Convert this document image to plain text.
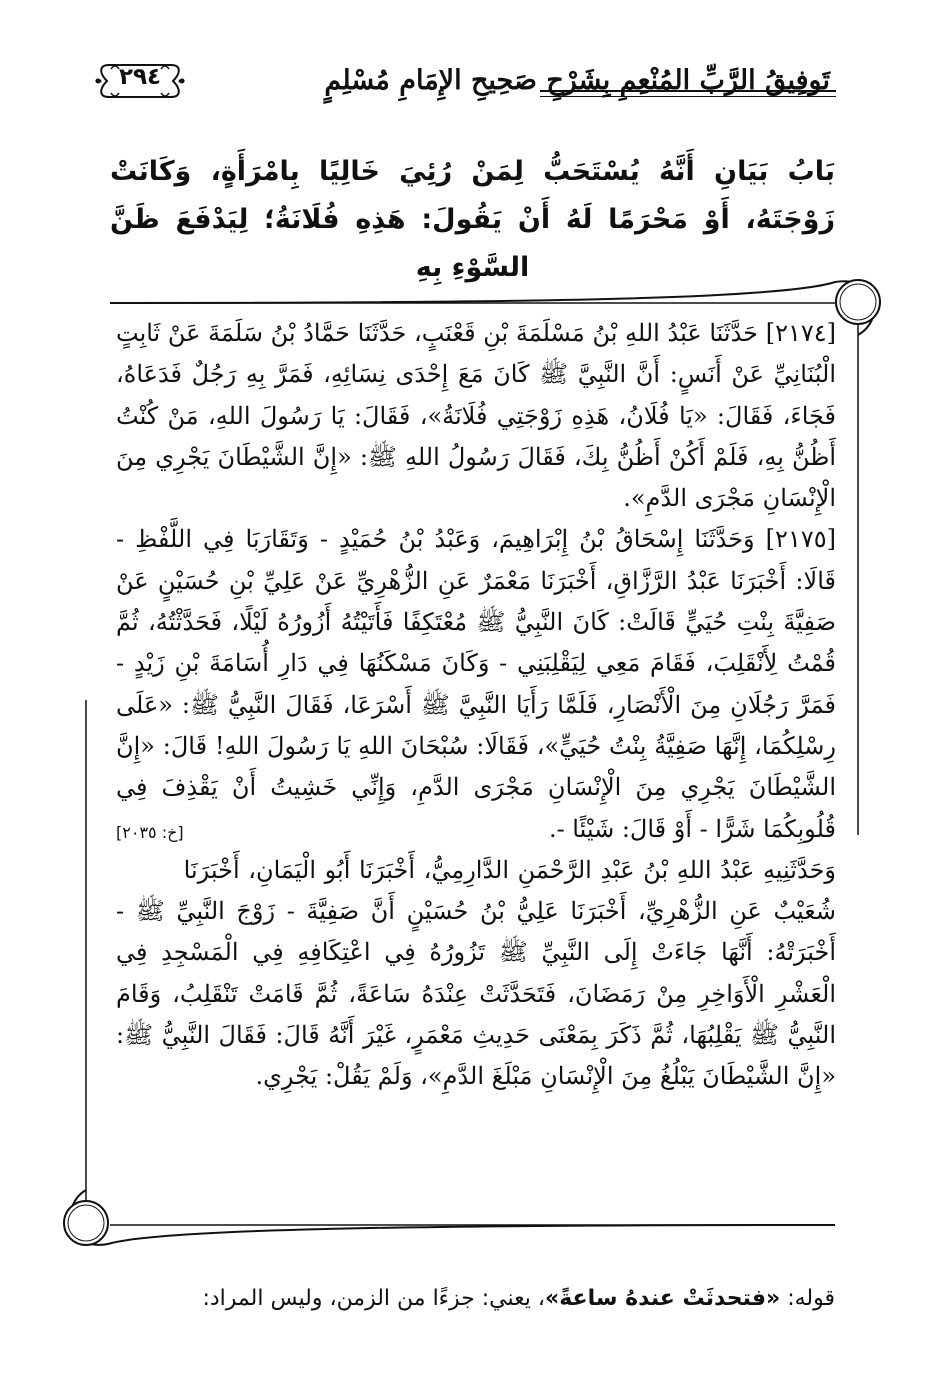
٢٩٤	تَوفِيقُ الرَّبِّ المُنْعِمِ بِشَرْحِ صَحِيحِ الإِمَامِ مُسْلِمٍ
بَابُ بَيَانِ أَنَّهُ يُسْتَحَبُّ لِمَنْ رُئِيَ خَالِيًا بِامْرَأَةٍ، وَكَانَتْ زَوْجَتَهُ، أَوْ مَحْرَمًا لَهُ أَنْ يَقُولَ: هَذِهِ فُلَانَةُ؛ لِيَدْفَعَ ظَنَّ السَّوْءِ بِهِ

[٢١٧٤] حَدَّثَنَا عَبْدُ اللهِ بْنُ مَسْلَمَةَ بْنِ قَعْنَبٍ، حَدَّثَنَا حَمَّادُ بْنُ سَلَمَةَ عَنْ ثَابِتٍ الْبُنَانِيِّ عَنْ أَنَسٍ: أَنَّ النَّبِيَّ ﷺ كَانَ مَعَ إِحْدَى نِسَائِهِ، فَمَرَّ بِهِ رَجُلٌ فَدَعَاهُ، فَجَاءَ، فَقَالَ: «يَا فُلَانُ، هَذِهِ زَوْجَتِي فُلَانَةُ»، فَقَالَ: يَا رَسُولَ اللهِ، مَنْ كُنْتُ أَظُنُّ بِهِ، فَلَمْ أَكُنْ أَظُنُّ بِكَ، فَقَالَ رَسُولُ اللهِ ﷺ: «إِنَّ الشَّيْطَانَ يَجْرِي مِنَ الْإِنْسَانِ مَجْرَى الدَّمِ».

[٢١٧٥] وَحَدَّثَنَا إِسْحَاقُ بْنُ إِبْرَاهِيمَ، وَعَبْدُ بْنُ حُمَيْدٍ - وَتَقَارَبَا فِي اللَّفْظِ - قَالَا: أَخْبَرَنَا عَبْدُ الرَّزَّاقِ، أَخْبَرَنَا مَعْمَرٌ عَنِ الزُّهْرِيِّ عَنْ عَلِيِّ بْنِ حُسَيْنٍ عَنْ صَفِيَّةَ بِنْتِ حُيَيٍّ قَالَتْ: كَانَ النَّبِيُّ ﷺ مُعْتَكِفًا فَأَتَيْتُهُ أَزُورُهُ لَيْلًا، فَحَدَّثْتُهُ، ثُمَّ قُمْتُ لِأَنْقَلِبَ، فَقَامَ مَعِي لِيَقْلِبَنِي - وَكَانَ مَسْكَنُهَا فِي دَارِ أُسَامَةَ بْنِ زَيْدٍ - فَمَرَّ رَجُلَانِ مِنَ الْأَنْصَارِ، فَلَمَّا رَأَيَا النَّبِيَّ ﷺ أَسْرَعَا، فَقَالَ النَّبِيُّ ﷺ: «عَلَى رِسْلِكُمَا، إِنَّهَا صَفِيَّةُ بِنْتُ حُيَيٍّ»، فَقَالَا: سُبْحَانَ اللهِ يَا رَسُولَ اللهِ! قَالَ: «إِنَّ الشَّيْطَانَ يَجْرِي مِنَ الْإِنْسَانِ مَجْرَى الدَّمِ، وَإِنِّي خَشِيتُ أَنْ يَقْذِفَ فِي قُلُوبِكُمَا شَرًّا - أَوْ قَالَ: شَيْئًا -.
[خ: ٢٠٣٥]

وَحَدَّثَنِيهِ عَبْدُ اللهِ بْنُ عَبْدِ الرَّحْمَنِ الدَّارِمِيُّ، أَخْبَرَنَا أَبُو الْيَمَانِ، أَخْبَرَنَا شُعَيْبٌ عَنِ الزُّهْرِيِّ، أَخْبَرَنَا عَلِيُّ بْنُ حُسَيْنٍ أَنَّ صَفِيَّةَ - زَوْجَ النَّبِيِّ ﷺ - أَخْبَرَتْهُ: أَنَّهَا جَاءَتْ إِلَى النَّبِيِّ ﷺ تَزُورُهُ فِي اعْتِكَافِهِ فِي الْمَسْجِدِ فِي الْعَشْرِ الْأَوَاخِرِ مِنْ رَمَضَانَ، فَتَحَدَّثَتْ عِنْدَهُ سَاعَةً، ثُمَّ قَامَتْ تَنْقَلِبُ، وَقَامَ النَّبِيُّ ﷺ يَقْلِبُهَا، ثُمَّ ذَكَرَ بِمَعْنَى حَدِيثِ مَعْمَرٍ، غَيْرَ أَنَّهُ قَالَ: فَقَالَ النَّبِيُّ ﷺ: «إِنَّ الشَّيْطَانَ يَبْلُغُ مِنَ الْإِنْسَانِ مَبْلَغَ الدَّمِ»، وَلَمْ يَقُلْ: يَجْرِي.

قوله: «فتحدثَتْ عندهُ ساعةً»، يعني: جزءًا من الزمن، وليس المراد:
